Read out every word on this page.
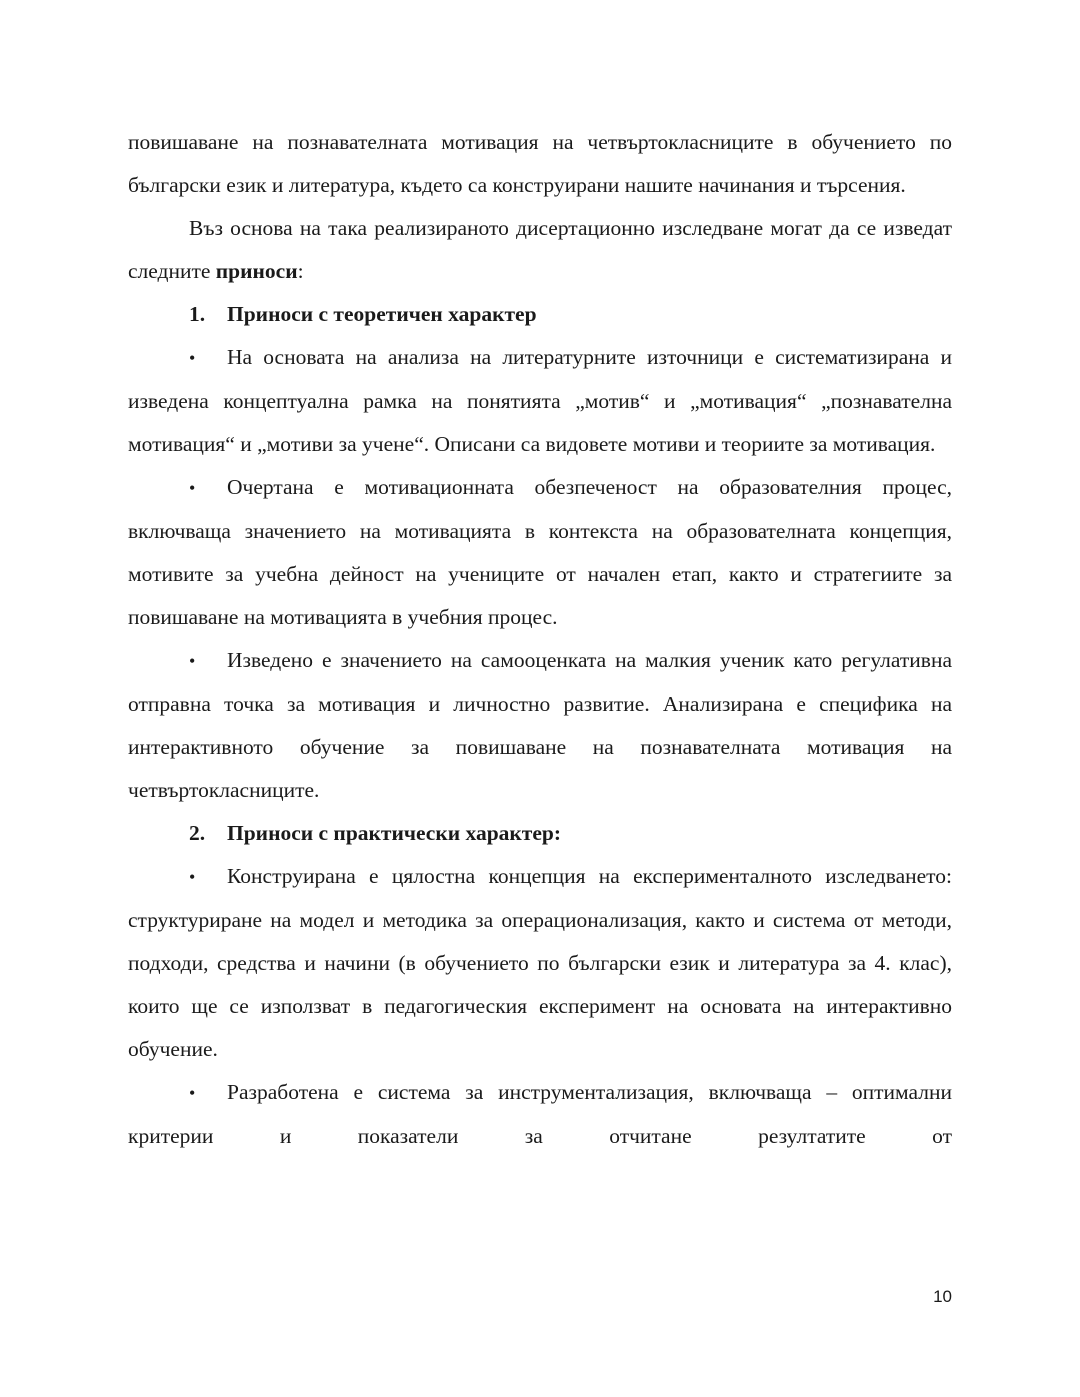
повишаване на познавателната мотивация на четвъртокласниците в обучението по български език и литература, където са конструирани нашите начинания и търсения.

Въз основа на така реализираното дисертационно изследване могат да се изведат следните приноси:

1. Приноси с теоретичен характер

• На основата на анализа на литературните източници е систематизирана и изведена концептуална рамка на понятията „мотив“ и „мотивация“ „познавателна мотивация“ и „мотиви за учене“. Описани са видовете мотиви и теориите за мотивация.

• Очертана е мотивационната обезпеченост на образователния процес, включваща значението на мотивацията в контекста на образователната концепция, мотивите за учебна дейност на учениците от начален етап, както и стратегиите за повишаване на мотивацията в учебния процес.

• Изведено е значението на самооценката на малкия ученик като регулативна отправна точка за мотивация и личностно развитие. Анализирана е специфика на интерактивното обучение за повишаване на познавателната мотивация на четвъртокласниците.

2. Приноси с практически характер:

• Конструирана е цялостна концепция на експерименталното изследването: структуриране на модел и методика за операционализация, както и система от методи, подходи, средства и начини (в обучението по български език и литература за 4. клас), които ще се използват в педагогическия експеримент на основата на интерактивно обучение.

• Разработена е система за инструментализация, включваща – оптимални критерии и показатели за отчитане резултатите от

10
